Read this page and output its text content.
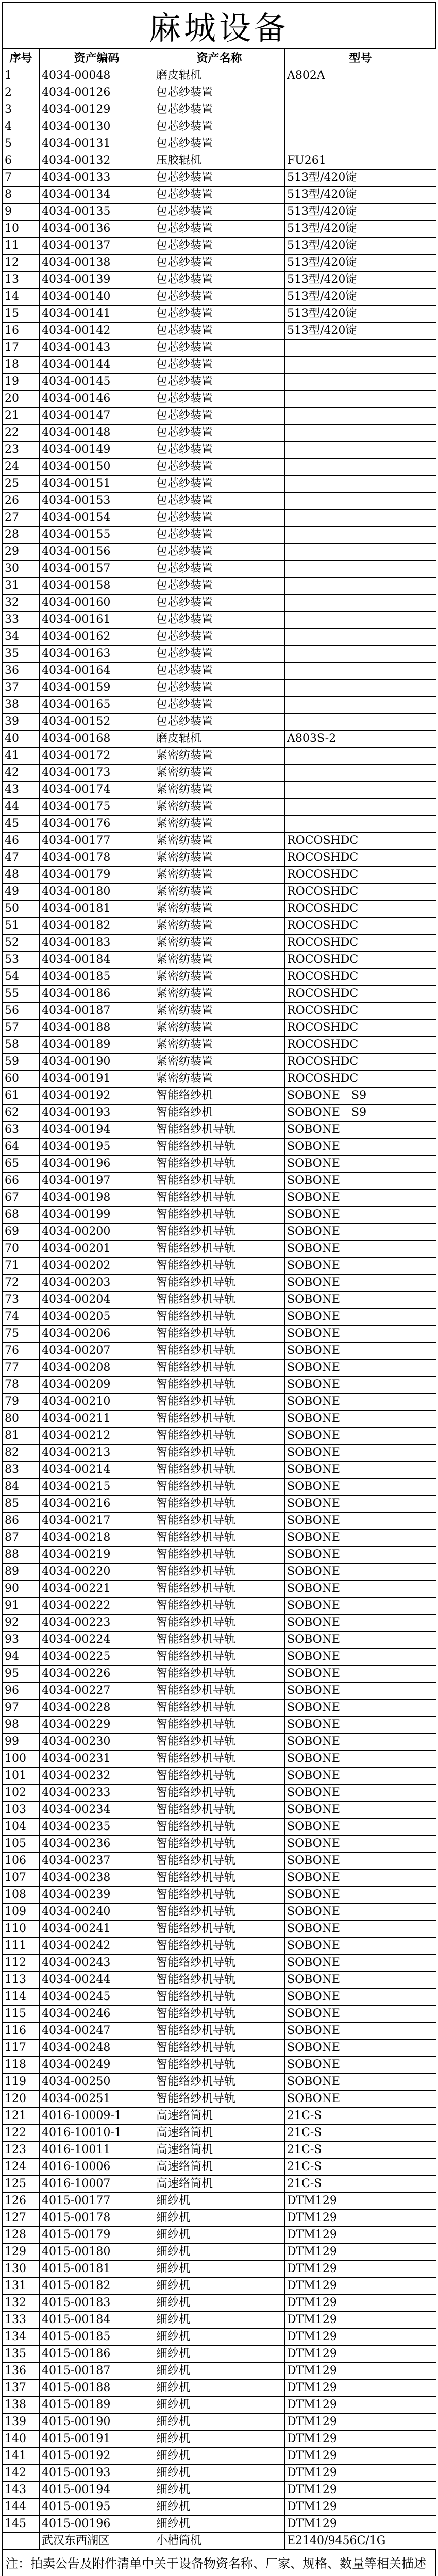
麻城设备
序号	资产编码	资产名称	型号
1	4034-00048	磨皮辊机	A802A
2	4034-00126	包芯纱装置	
3	4034-00129	包芯纱装置	
4	4034-00130	包芯纱装置	
5	4034-00131	包芯纱装置	
6	4034-00132	压胶辊机	FU261
7	4034-00133	包芯纱装置	513型/420锭
8	4034-00134	包芯纱装置	513型/420锭
9	4034-00135	包芯纱装置	513型/420锭
10	4034-00136	包芯纱装置	513型/420锭
11	4034-00137	包芯纱装置	513型/420锭
12	4034-00138	包芯纱装置	513型/420锭
13	4034-00139	包芯纱装置	513型/420锭
14	4034-00140	包芯纱装置	513型/420锭
15	4034-00141	包芯纱装置	513型/420锭
16	4034-00142	包芯纱装置	513型/420锭
17	4034-00143	包芯纱装置	
18	4034-00144	包芯纱装置	
19	4034-00145	包芯纱装置	
20	4034-00146	包芯纱装置	
21	4034-00147	包芯纱装置	
22	4034-00148	包芯纱装置	
23	4034-00149	包芯纱装置	
24	4034-00150	包芯纱装置	
25	4034-00151	包芯纱装置	
26	4034-00153	包芯纱装置	
27	4034-00154	包芯纱装置	
28	4034-00155	包芯纱装置	
29	4034-00156	包芯纱装置	
30	4034-00157	包芯纱装置	
31	4034-00158	包芯纱装置	
32	4034-00160	包芯纱装置	
33	4034-00161	包芯纱装置	
34	4034-00162	包芯纱装置	
35	4034-00163	包芯纱装置	
36	4034-00164	包芯纱装置	
37	4034-00159	包芯纱装置	
38	4034-00165	包芯纱装置	
39	4034-00152	包芯纱装置	
40	4034-00168	磨皮辊机	A803S-2
41	4034-00172	紧密纺装置	
42	4034-00173	紧密纺装置	
43	4034-00174	紧密纺装置	
44	4034-00175	紧密纺装置	
45	4034-00176	紧密纺装置	
46	4034-00177	紧密纺装置	ROCOSHDC
47	4034-00178	紧密纺装置	ROCOSHDC
48	4034-00179	紧密纺装置	ROCOSHDC
49	4034-00180	紧密纺装置	ROCOSHDC
50	4034-00181	紧密纺装置	ROCOSHDC
51	4034-00182	紧密纺装置	ROCOSHDC
52	4034-00183	紧密纺装置	ROCOSHDC
53	4034-00184	紧密纺装置	ROCOSHDC
54	4034-00185	紧密纺装置	ROCOSHDC
55	4034-00186	紧密纺装置	ROCOSHDC
56	4034-00187	紧密纺装置	ROCOSHDC
57	4034-00188	紧密纺装置	ROCOSHDC
58	4034-00189	紧密纺装置	ROCOSHDC
59	4034-00190	紧密纺装置	ROCOSHDC
60	4034-00191	紧密纺装置	ROCOSHDC
61	4034-00192	智能络纱机	SOBONE　S9
62	4034-00193	智能络纱机	SOBONE　S9
63	4034-00194	智能络纱机导轨	SOBONE
64	4034-00195	智能络纱机导轨	SOBONE
65	4034-00196	智能络纱机导轨	SOBONE
66	4034-00197	智能络纱机导轨	SOBONE
67	4034-00198	智能络纱机导轨	SOBONE
68	4034-00199	智能络纱机导轨	SOBONE
69	4034-00200	智能络纱机导轨	SOBONE
70	4034-00201	智能络纱机导轨	SOBONE
71	4034-00202	智能络纱机导轨	SOBONE
72	4034-00203	智能络纱机导轨	SOBONE
73	4034-00204	智能络纱机导轨	SOBONE
74	4034-00205	智能络纱机导轨	SOBONE
75	4034-00206	智能络纱机导轨	SOBONE
76	4034-00207	智能络纱机导轨	SOBONE
77	4034-00208	智能络纱机导轨	SOBONE
78	4034-00209	智能络纱机导轨	SOBONE
79	4034-00210	智能络纱机导轨	SOBONE
80	4034-00211	智能络纱机导轨	SOBONE
81	4034-00212	智能络纱机导轨	SOBONE
82	4034-00213	智能络纱机导轨	SOBONE
83	4034-00214	智能络纱机导轨	SOBONE
84	4034-00215	智能络纱机导轨	SOBONE
85	4034-00216	智能络纱机导轨	SOBONE
86	4034-00217	智能络纱机导轨	SOBONE
87	4034-00218	智能络纱机导轨	SOBONE
88	4034-00219	智能络纱机导轨	SOBONE
89	4034-00220	智能络纱机导轨	SOBONE
90	4034-00221	智能络纱机导轨	SOBONE
91	4034-00222	智能络纱机导轨	SOBONE
92	4034-00223	智能络纱机导轨	SOBONE
93	4034-00224	智能络纱机导轨	SOBONE
94	4034-00225	智能络纱机导轨	SOBONE
95	4034-00226	智能络纱机导轨	SOBONE
96	4034-00227	智能络纱机导轨	SOBONE
97	4034-00228	智能络纱机导轨	SOBONE
98	4034-00229	智能络纱机导轨	SOBONE
99	4034-00230	智能络纱机导轨	SOBONE
100	4034-00231	智能络纱机导轨	SOBONE
101	4034-00232	智能络纱机导轨	SOBONE
102	4034-00233	智能络纱机导轨	SOBONE
103	4034-00234	智能络纱机导轨	SOBONE
104	4034-00235	智能络纱机导轨	SOBONE
105	4034-00236	智能络纱机导轨	SOBONE
106	4034-00237	智能络纱机导轨	SOBONE
107	4034-00238	智能络纱机导轨	SOBONE
108	4034-00239	智能络纱机导轨	SOBONE
109	4034-00240	智能络纱机导轨	SOBONE
110	4034-00241	智能络纱机导轨	SOBONE
111	4034-00242	智能络纱机导轨	SOBONE
112	4034-00243	智能络纱机导轨	SOBONE
113	4034-00244	智能络纱机导轨	SOBONE
114	4034-00245	智能络纱机导轨	SOBONE
115	4034-00246	智能络纱机导轨	SOBONE
116	4034-00247	智能络纱机导轨	SOBONE
117	4034-00248	智能络纱机导轨	SOBONE
118	4034-00249	智能络纱机导轨	SOBONE
119	4034-00250	智能络纱机导轨	SOBONE
120	4034-00251	智能络纱机导轨	SOBONE
121	4016-10009-1	高速络筒机	21C-S
122	4016-10010-1	高速络筒机	21C-S
123	4016-10011	高速络筒机	21C-S
124	4016-10006	高速络筒机	21C-S
125	4016-10007	高速络筒机	21C-S
126	4015-00177	细纱机	DTM129
127	4015-00178	细纱机	DTM129
128	4015-00179	细纱机	DTM129
129	4015-00180	细纱机	DTM129
130	4015-00181	细纱机	DTM129
131	4015-00182	细纱机	DTM129
132	4015-00183	细纱机	DTM129
133	4015-00184	细纱机	DTM129
134	4015-00185	细纱机	DTM129
135	4015-00186	细纱机	DTM129
136	4015-00187	细纱机	DTM129
137	4015-00188	细纱机	DTM129
138	4015-00189	细纱机	DTM129
139	4015-00190	细纱机	DTM129
140	4015-00191	细纱机	DTM129
141	4015-00192	细纱机	DTM129
142	4015-00193	细纱机	DTM129
143	4015-00194	细纱机	DTM129
144	4015-00195	细纱机	DTM129
145	4015-00196	细纱机	DTM129
	武汉东西湖区	小槽筒机	E2140/9456C/1G
注：拍卖公告及附件清单中关于设备物资名称、厂家、规格、数量等相关描述
